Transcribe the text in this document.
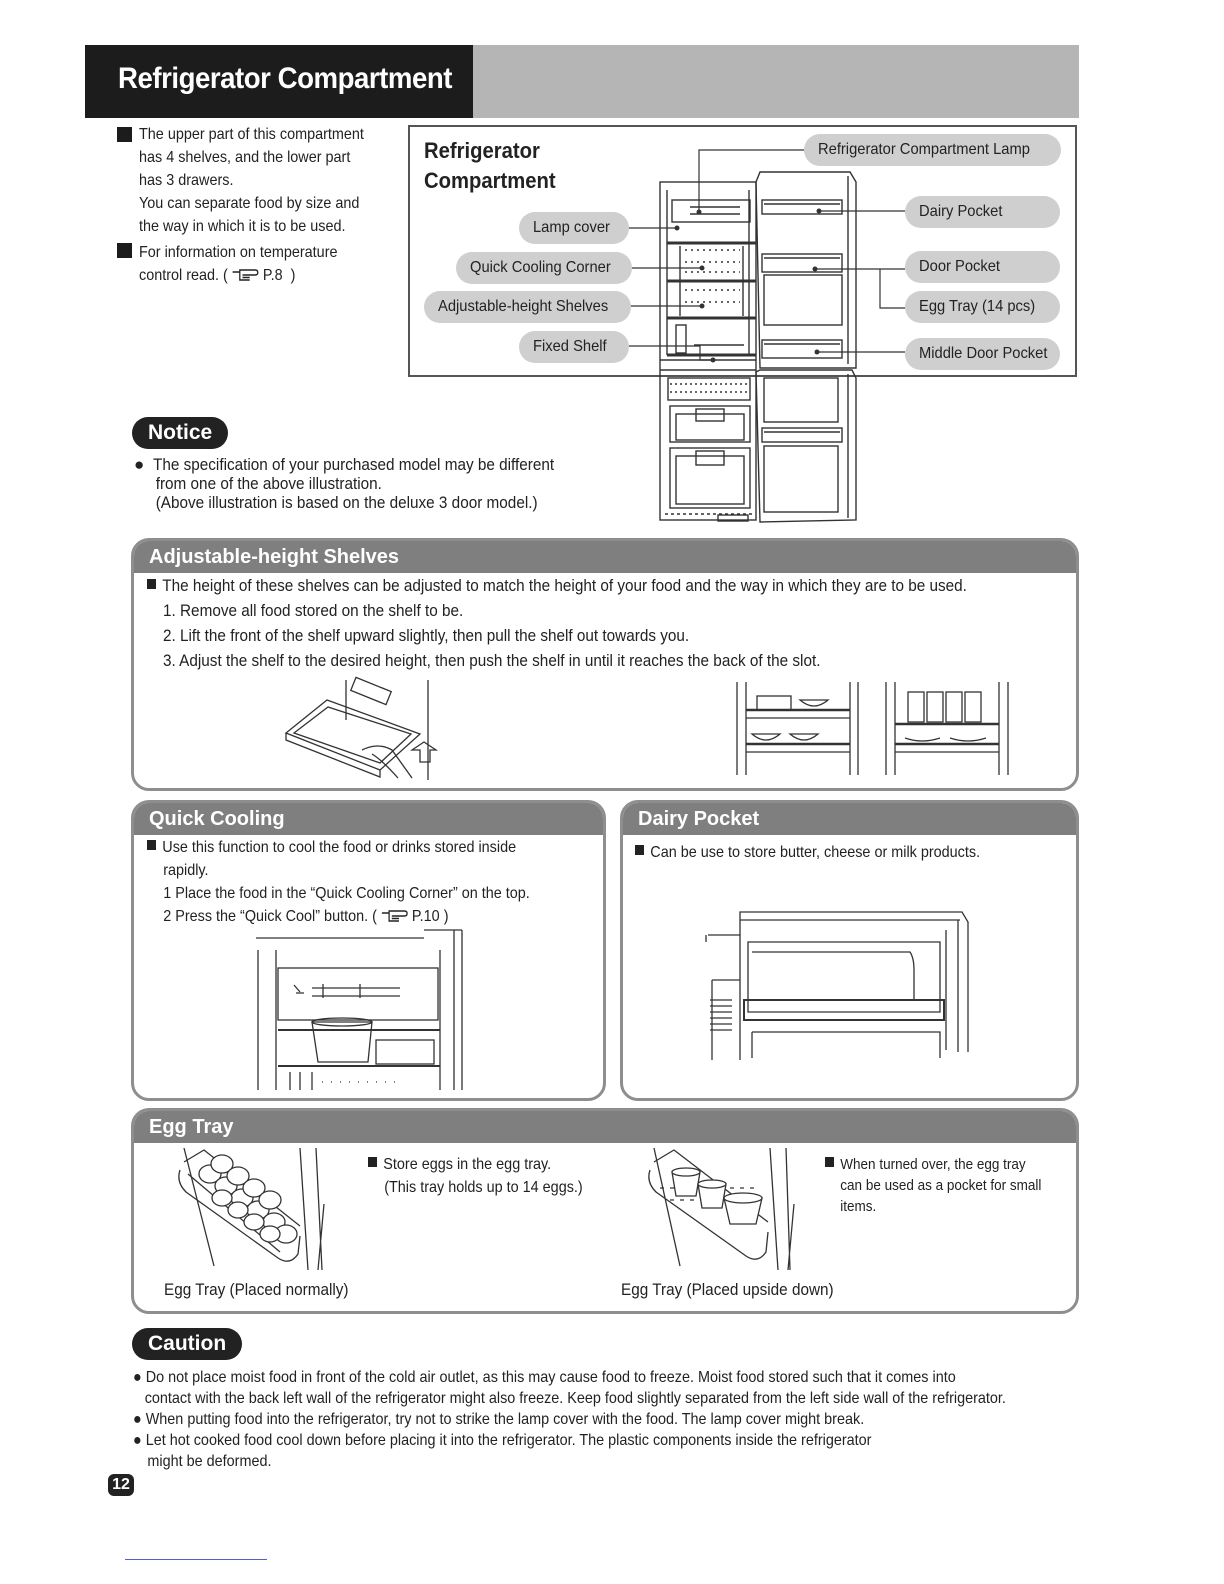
Refrigerator Compartment
The upper part of this compartment
has 4 shelves, and the lower part
has 3 drawers.
You can separate food by size and
the way in which it is to be used.
For information on temperature
control read. ( P.8 )
Refrigerator
Compartment
Lamp cover
Quick Cooling Corner
Adjustable-height Shelves
Fixed Shelf
Refrigerator Compartment Lamp
Dairy Pocket
Door Pocket
Egg Tray (14 pcs)
Middle Door Pocket
Notice
● The specification of your purchased model may be different
from one of the above illustration.
(Above illustration is based on the deluxe 3 door model.)
Adjustable-height Shelves
The height of these shelves can be adjusted to match the height of your food and the way in which they are to be used.
1. Remove all food stored on the shelf to be.
2. Lift the front of the shelf upward slightly, then pull the shelf out towards you.
3. Adjust the shelf to the desired height, then push the shelf in until it reaches the back of the slot.
Quick Cooling
Use this function to cool the food or drinks stored inside
rapidly.
1 Place the food in the “Quick Cooling Corner” on the top.
2 Press the “Quick Cool” button. ( P.10 )
Dairy Pocket
Can be use to store butter, cheese or milk products.
Egg Tray
Store eggs in the egg tray.
(This tray holds up to 14 eggs.)
When turned over, the egg tray
can be used as a pocket for small
items.
Egg Tray (Placed normally)	Egg Tray (Placed upside down)
Caution
● Do not place moist food in front of the cold air outlet, as this may cause food to freeze. Moist food stored such that it comes into
contact with the back left wall of the refrigerator might also freeze. Keep food slightly separated from the left side wall of the refrigerator.
● When putting food into the refrigerator, try not to strike the lamp cover with the food. The lamp cover might break.
● Let hot cooked food cool down before placing it into the refrigerator. The plastic components inside the refrigerator
might be deformed.
12
